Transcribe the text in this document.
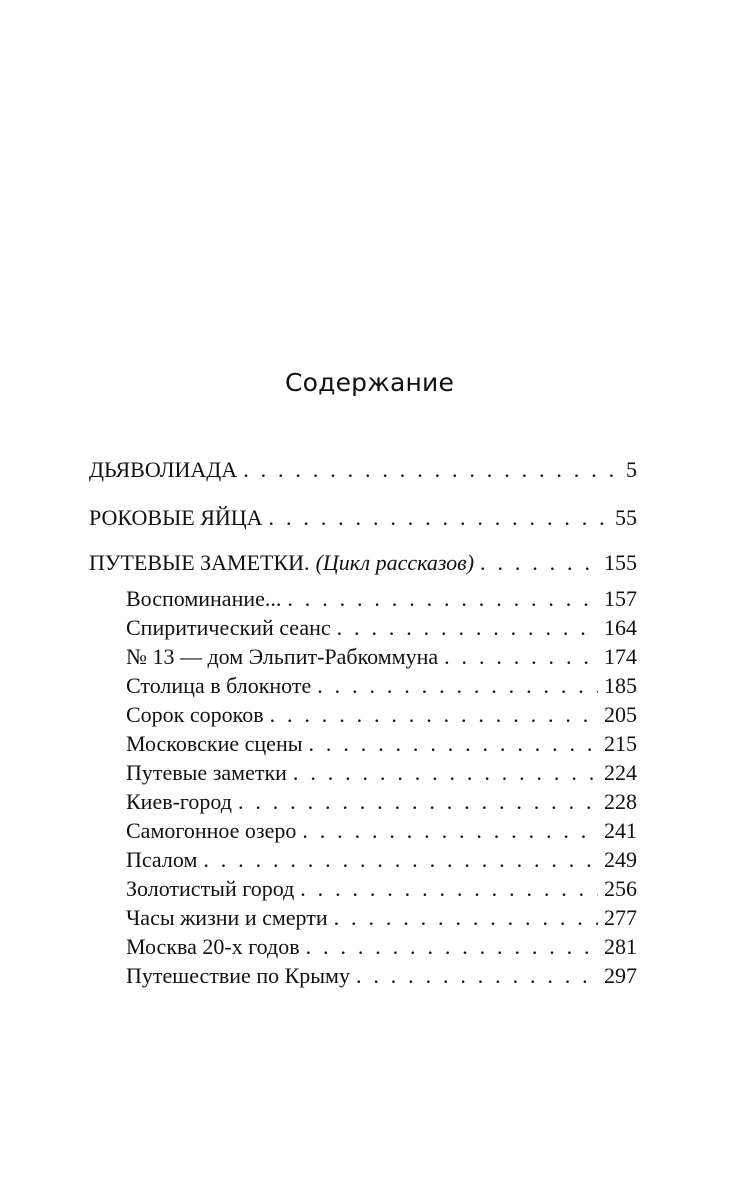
Содержание
ДЬЯВОЛИАДА . . .	5
РОКОВЫЕ ЯЙЦА . . .	55
ПУТЕВЫЕ ЗАМЕТКИ. (Цикл рассказов) . . .	155
Воспоминание... . . .	157
Спиритический сеанс . . .	164
№ 13 — дом Эльпит-Рабкоммуна . . .	174
Столица в блокноте . . .	185
Сорок сороков . . .	205
Московские сцены . . .	215
Путевые заметки . . .	224
Киев-город . . .	228
Самогонное озеро . . .	241
Псалом . . .	249
Золотистый город . . .	256
Часы жизни и смерти . . .	277
Москва 20-х годов . . .	281
Путешествие по Крыму . . .	297
